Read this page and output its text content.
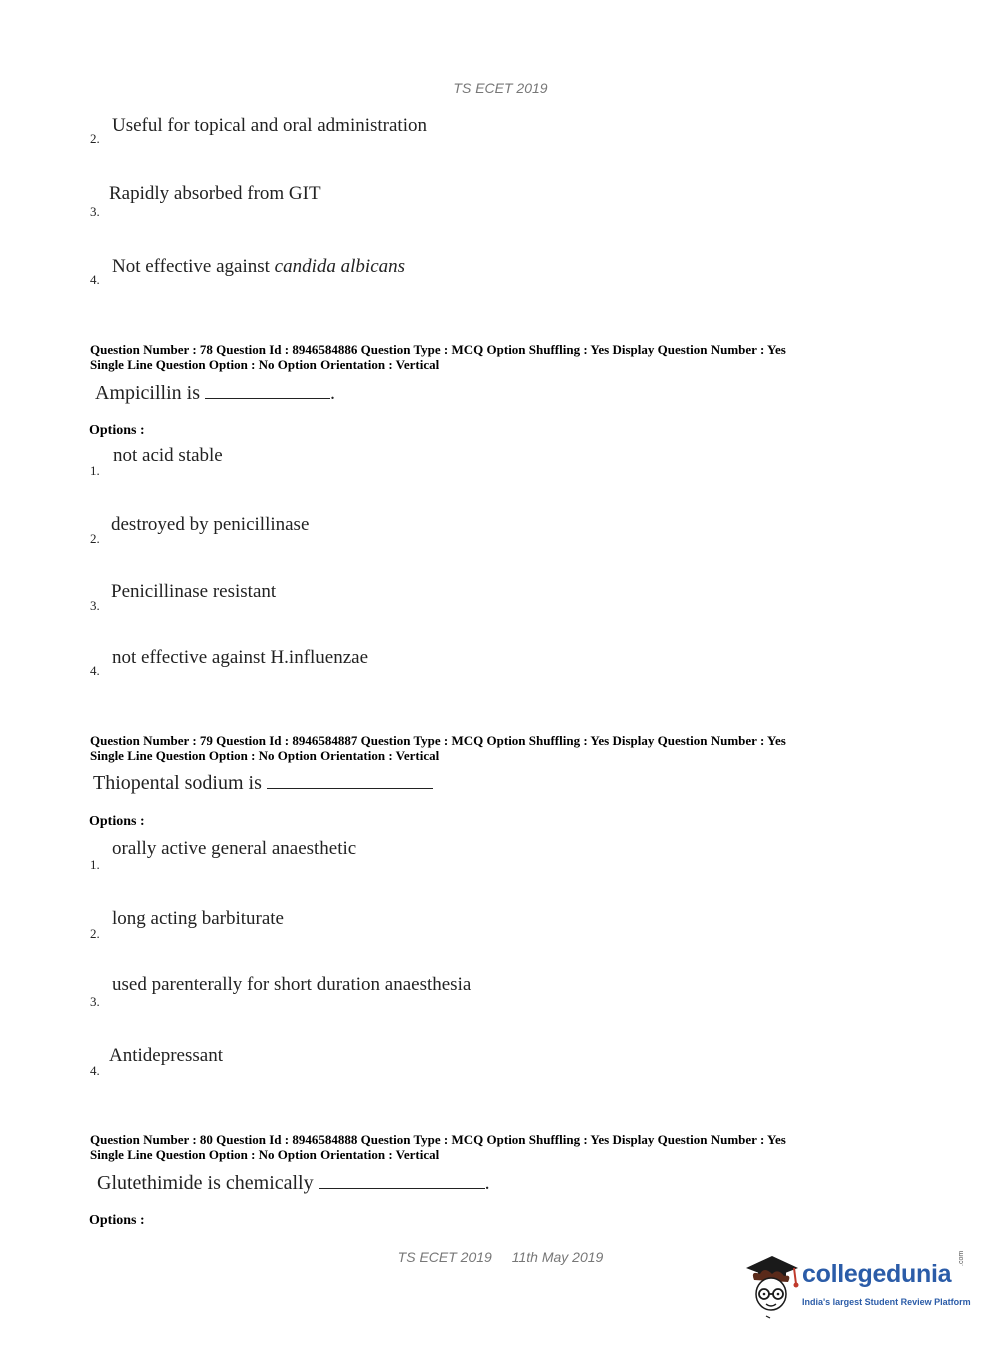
TS ECET 2019
2.
Useful for topical and oral administration
3.
Rapidly absorbed from GIT
4.
Not effective against candida albicans
Question Number : 78 Question Id : 8946584886 Question Type : MCQ Option Shuffling : Yes Display Question Number : Yes
Single Line Question Option : No Option Orientation : Vertical
Ampicillin is	.
Options :
1.
not acid stable
2.
destroyed by penicillinase
3.
Penicillinase resistant
4.
not effective against H.influenzae
Question Number : 79 Question Id : 8946584887 Question Type : MCQ Option Shuffling : Yes Display Question Number : Yes
Single Line Question Option : No Option Orientation : Vertical
Thiopental sodium is
Options :
1.
orally active general anaesthetic
2.
long acting barbiturate
3.
used parenterally for short duration anaesthesia
4.
Antidepressant
Question Number : 80 Question Id : 8946584888 Question Type : MCQ Option Shuffling : Yes Display Question Number : Yes
Single Line Question Option : No Option Orientation : Vertical
Glutethimide is chemically	.
Options :
TS ECET 2019 11th May 2019
collegedunia
.com
India's largest Student Review Platform
